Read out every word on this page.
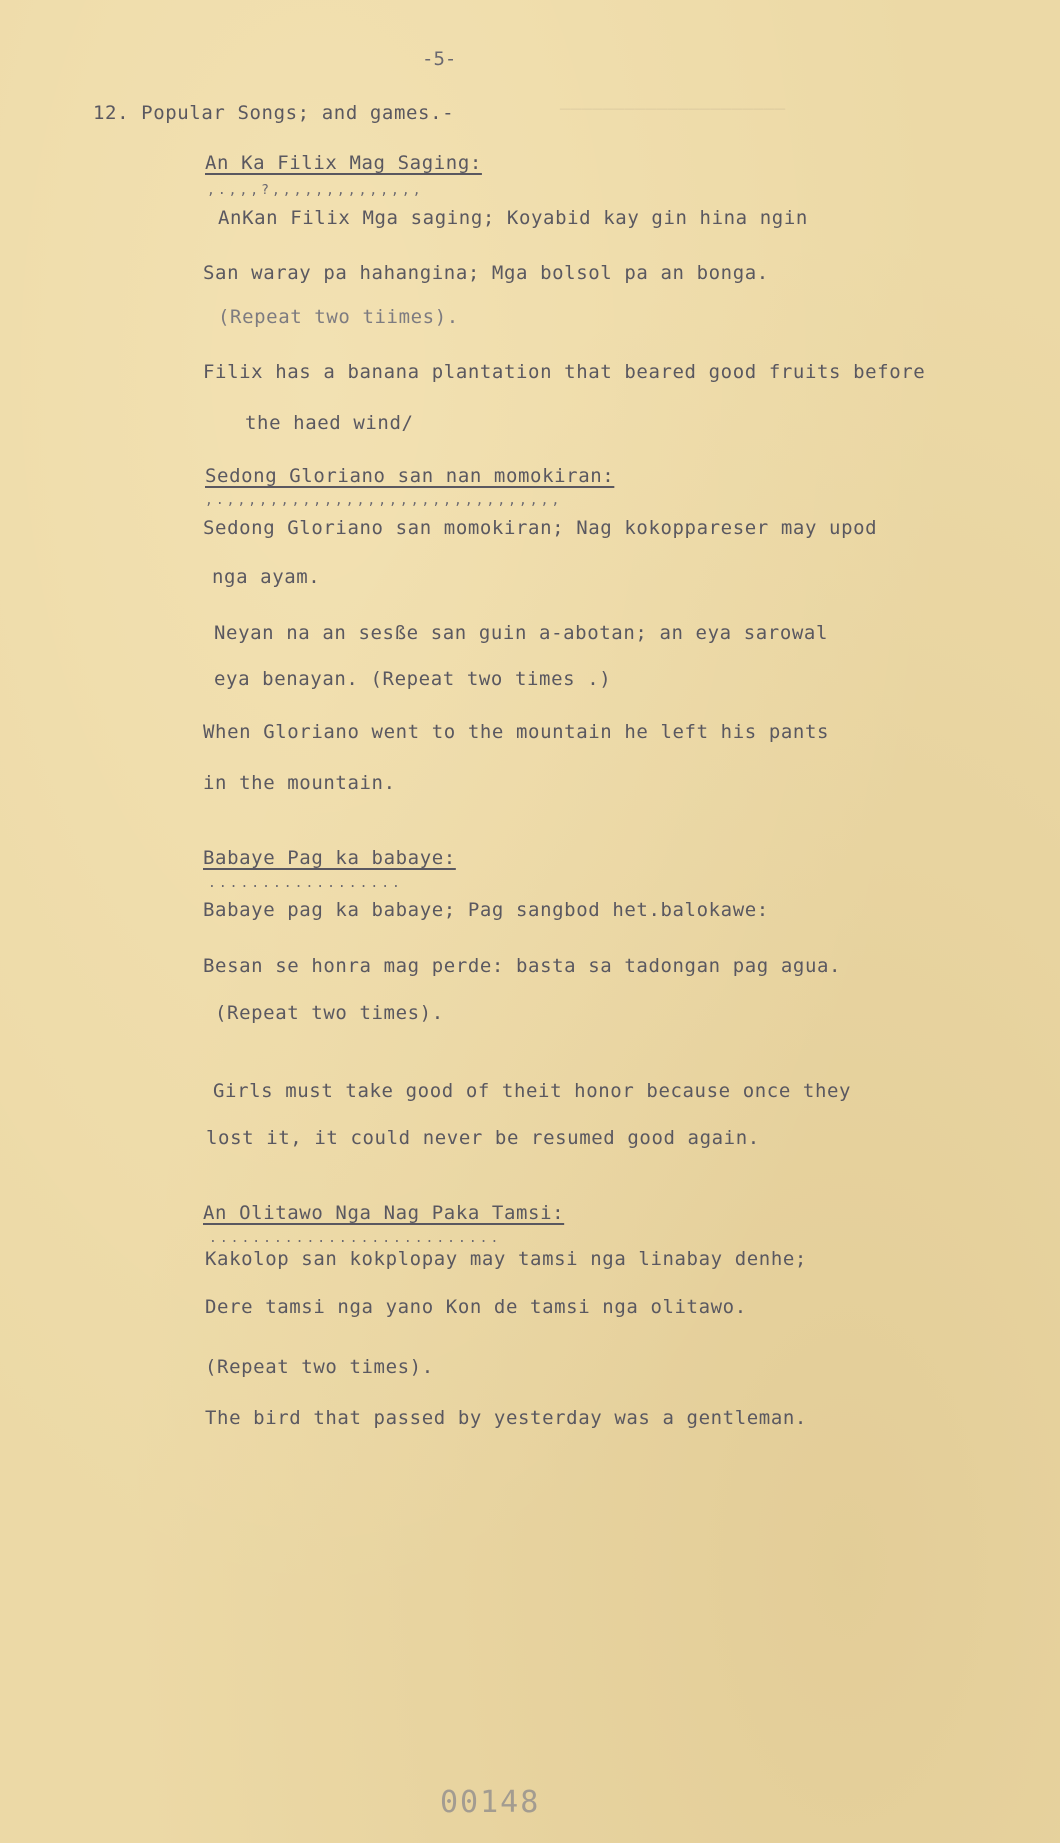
─────────────────────
-5-
12. Popular Songs; and games.-
An Ka Filix Mag Saging:
,.,,,?,,,,,,,,,,,,,,
AnKan Filix Mga saging; Koyabid kay gin hina ngin
San waray pa hahangina; Mga bolsol pa an bonga.
(Repeat two tiimes).
Filix has a banana plantation that beared good fruits before
the haed wind/
Sedong Gloriano san nan momokiran:
,.,,,,,,,,,,,,,,,,,,,,,,,,,,,,,,,
Sedong Gloriano san momokiran; Nag kokoppareser may upod
nga ayam.
Neyan na an sesße san guin a-abotan; an eya sarowal
eya benayan. (Repeat two times .)
When Gloriano went to the mountain he left his pants
in the mountain.
Babaye Pag ka babaye:
..................
Babaye pag ka babaye; Pag sangbod het.balokawe:
Besan se honra mag perde: basta sa tadongan pag agua.
(Repeat two times).
Girls must take good of theit honor because once they
lost it, it could never be resumed good again.
An Olitawo Nga Nag Paka Tamsi:
...........................
Kakolop san kokplopay may tamsi nga linabay denhe;
Dere tamsi nga yano Kon de tamsi nga olitawo.
(Repeat two times).
The bird that passed by yesterday was a gentleman.
00148
